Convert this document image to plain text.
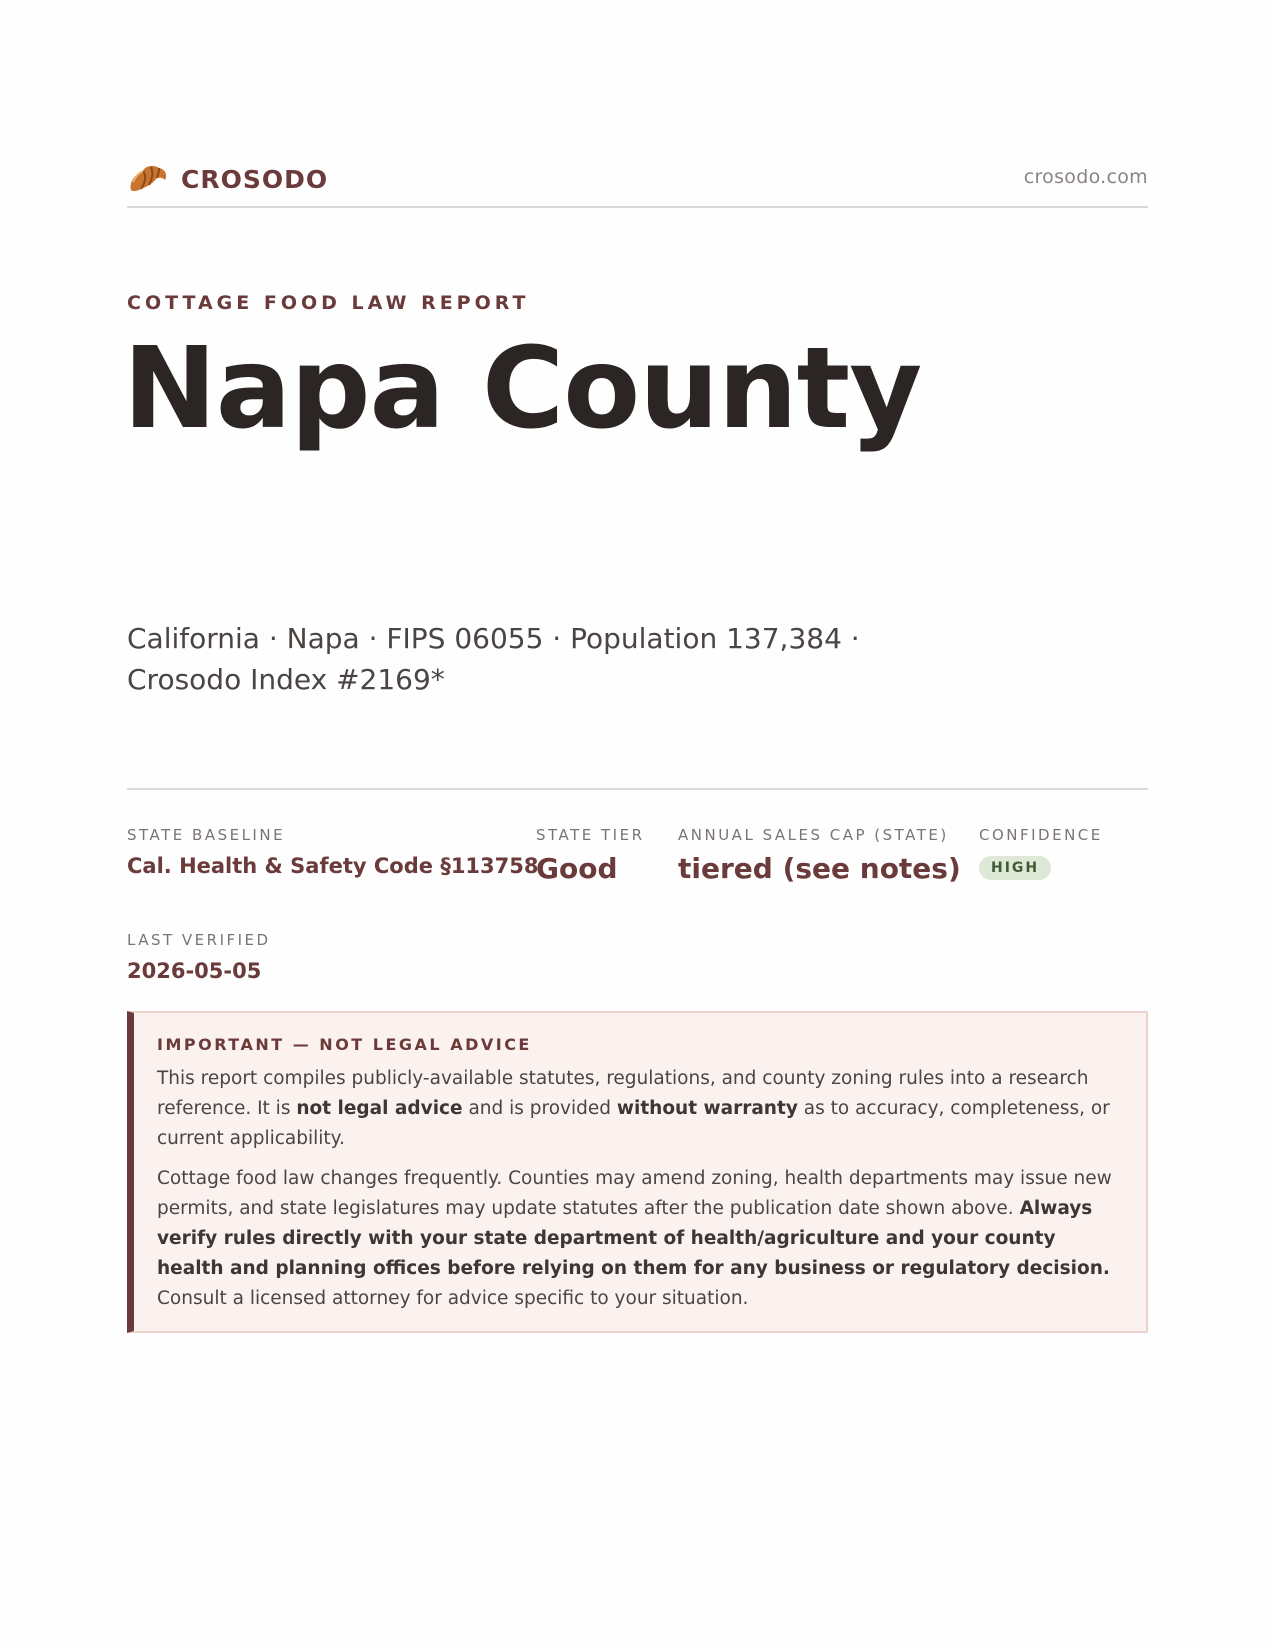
CROSODO	crosodo.com
COTTAGE FOOD LAW REPORT
Napa County
California · Napa · FIPS 06055 · Population 137,384 · Crosodo Index #2169*
STATE BASELINE
Cal. Health & Safety Code §113758
STATE TIER
Good
ANNUAL SALES CAP (STATE)
tiered (see notes)
CONFIDENCE
HIGH
LAST VERIFIED
2026-05-05
IMPORTANT — NOT LEGAL ADVICE

This report compiles publicly-available statutes, regulations, and county zoning rules into a research reference. It is not legal advice and is provided without warranty as to accuracy, completeness, or current applicability.

Cottage food law changes frequently. Counties may amend zoning, health departments may issue new permits, and state legislatures may update statutes after the publication date shown above. Always verify rules directly with your state department of health/agriculture and your county health and planning offices before relying on them for any business or regulatory decision. Consult a licensed attorney for advice specific to your situation.
